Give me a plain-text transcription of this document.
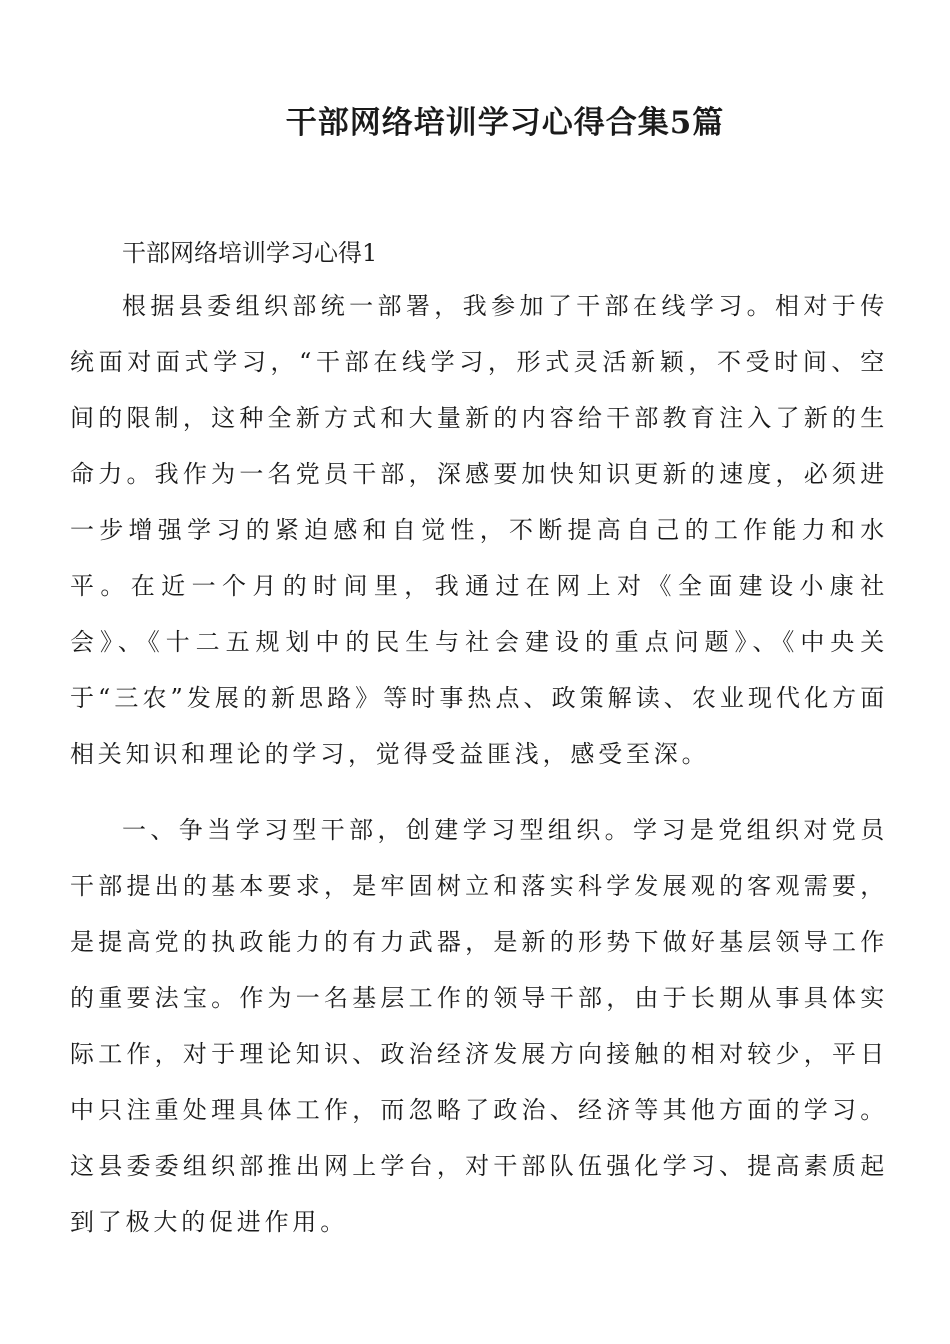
干部网络培训学习心得合集5篇

干部网络培训学习心得1

根据县委组织部统一部署，我参加了干部在线学习。相对于传统面对面式学习，“干部在线学习，形式灵活新颖，不受时间、空间的限制，这种全新方式和大量新的内容给干部教育注入了新的生命力。我作为一名党员干部，深感要加快知识更新的速度，必须进一步增强学习的紧迫感和自觉性，不断提高自己的工作能力和水平。在近一个月的时间里，我通过在网上对《全面建设小康社会》、《十二五规划中的民生与社会建设的重点问题》、《中央关于“三农”发展的新思路》等时事热点、政策解读、农业现代化方面相关知识和理论的学习，觉得受益匪浅，感受至深。

一、争当学习型干部，创建学习型组织。学习是党组织对党员干部提出的基本要求，是牢固树立和落实科学发展观的客观需要，是提高党的执政能力的有力武器，是新的形势下做好基层领导工作的重要法宝。作为一名基层工作的领导干部，由于长期从事具体实际工作，对于理论知识、政治经济发展方向接触的相对较少，平日中只注重处理具体工作，而忽略了政治、经济等其他方面的学习。这县委委组织部推出网上学台，对干部队伍强化学习、提高素质起到了极大的促进作用。
